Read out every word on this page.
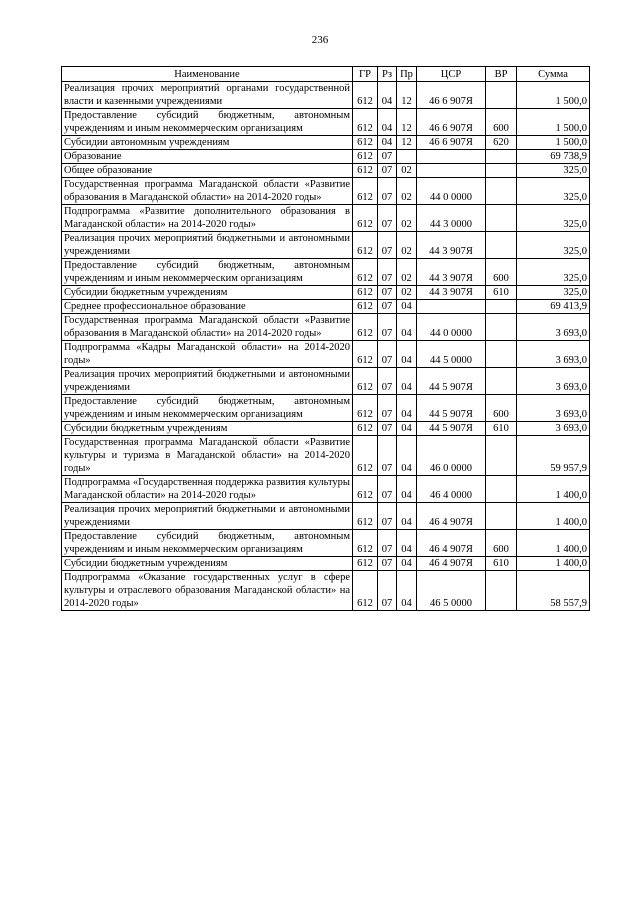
236
Наименование	ГР	Рз	Пр	ЦСР	ВР	Сумма
Реализация прочих мероприятий органами государственной власти и казенными учреждениями	612	04	12	46 6 907Я		1 500,0
Предоставление субсидий бюджетным, автономным учреждениям и иным некоммерческим организациям	612	04	12	46 6 907Я	600	1 500,0
Субсидии автономным учреждениям	612	04	12	46 6 907Я	620	1 500,0
Образование	612	07				69 738,9
Общее образование	612	07	02			325,0
Государственная программа Магаданской области «Развитие образования в Магаданской области» на 2014-2020 годы»	612	07	02	44 0 0000		325,0
Подпрограмма «Развитие дополнительного образования в Магаданской области» на 2014-2020 годы»	612	07	02	44 3 0000		325,0
Реализация прочих мероприятий бюджетными и автономными учреждениями	612	07	02	44 3 907Я		325,0
Предоставление субсидий бюджетным, автономным учреждениям и иным некоммерческим организациям	612	07	02	44 3 907Я	600	325,0
Субсидии бюджетным учреждениям	612	07	02	44 3 907Я	610	325,0
Среднее профессиональное образование	612	07	04			69 413,9
Государственная программа Магаданской области «Развитие образования в Магаданской области» на 2014-2020 годы»	612	07	04	44 0 0000		3 693,0
Подпрограмма «Кадры Магаданской области» на 2014-2020 годы»	612	07	04	44 5 0000		3 693,0
Реализация прочих мероприятий бюджетными и автономными учреждениями	612	07	04	44 5 907Я		3 693,0
Предоставление субсидий бюджетным, автономным учреждениям и иным некоммерческим организациям	612	07	04	44 5 907Я	600	3 693,0
Субсидии бюджетным учреждениям	612	07	04	44 5 907Я	610	3 693,0
Государственная программа Магаданской области «Развитие культуры и туризма в Магаданской области» на 2014-2020 годы»	612	07	04	46 0 0000		59 957,9
Подпрограмма «Государственная поддержка развития культуры Магаданской области» на 2014-2020 годы»	612	07	04	46 4 0000		1 400,0
Реализация прочих мероприятий бюджетными и автономными учреждениями	612	07	04	46 4 907Я		1 400,0
Предоставление субсидий бюджетным, автономным учреждениям и иным некоммерческим организациям	612	07	04	46 4 907Я	600	1 400,0
Субсидии бюджетным учреждениям	612	07	04	46 4 907Я	610	1 400,0
Подпрограмма «Оказание государственных услуг в сфере культуры и отраслевого образования Магаданской области» на 2014-2020 годы»	612	07	04	46 5 0000		58 557,9
